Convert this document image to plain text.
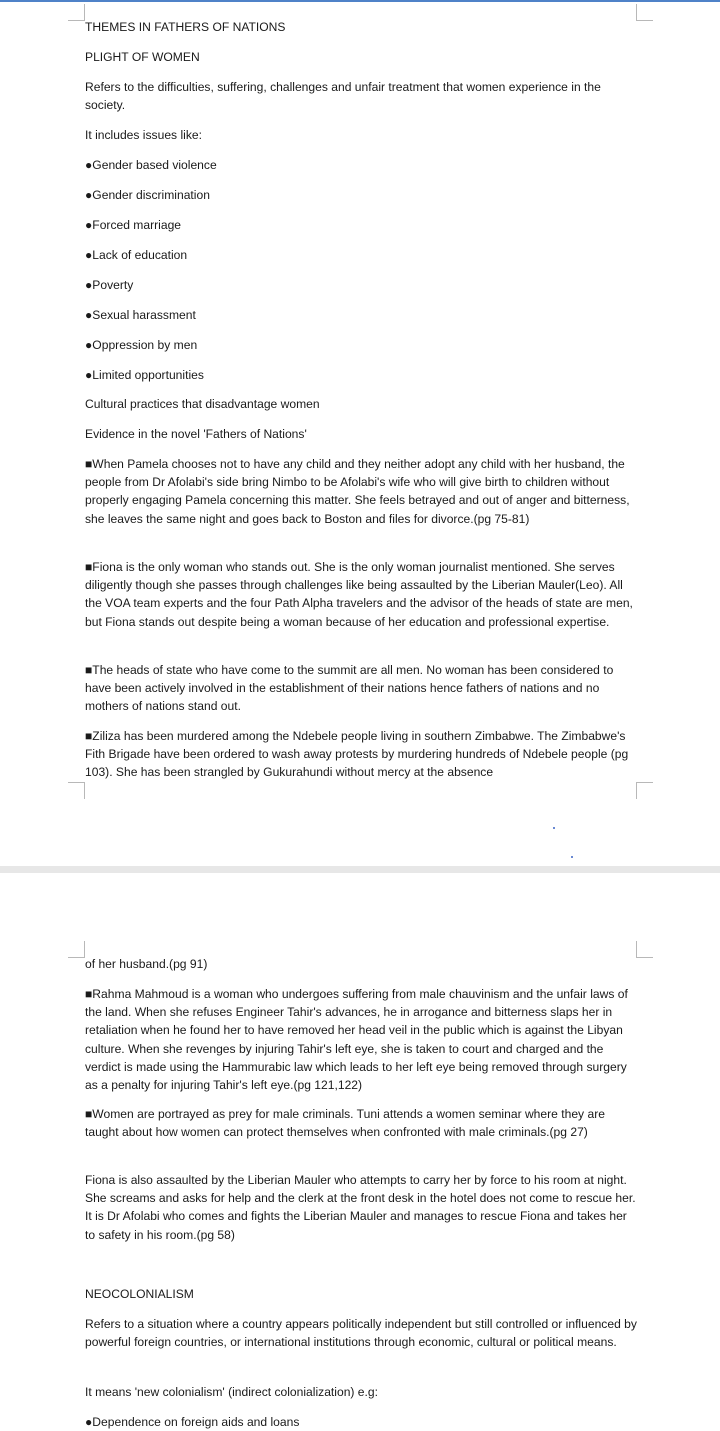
THEMES IN FATHERS OF NATIONS

PLIGHT OF WOMEN

Refers to the difficulties, suffering, challenges and unfair treatment that women experience in the society.

It includes issues like:

●Gender based violence

●Gender discrimination

●Forced marriage

●Lack of education

●Poverty

●Sexual harassment

●Oppression by men

●Limited opportunities

Cultural practices that disadvantage women

Evidence in the novel 'Fathers of Nations'

■When Pamela chooses not to have any child and they neither adopt any child with her husband, the people from Dr Afolabi's side bring Nimbo to be Afolabi's wife who will give birth to children without properly engaging Pamela concerning this matter. She feels betrayed and out of anger and bitterness, she leaves the same night and goes back to Boston and files for divorce.(pg 75-81)

■Fiona is the only woman who stands out. She is the only woman journalist mentioned. She serves diligently though she passes through challenges like being assaulted by the Liberian Mauler(Leo). All the VOA team experts and the four Path Alpha travelers and the advisor of the heads of state are men, but Fiona stands out despite being a woman because of her education and professional expertise.

■The heads of state who have come to the summit are all men. No woman has been considered to have been actively involved in the establishment of their nations hence fathers of nations and no mothers of nations stand out.

■Ziliza has been murdered among the Ndebele people living in southern Zimbabwe. The Zimbabwe's Fith Brigade have been ordered to wash away protests by murdering hundreds of Ndebele people (pg 103). She has been strangled by Gukurahundi without mercy at the absence

of her husband.(pg 91)

■Rahma Mahmoud is a woman who undergoes suffering from male chauvinism and the unfair laws of the land. When she refuses Engineer Tahir's advances, he in arrogance and bitterness slaps her in retaliation when he found her to have removed her head veil in the public which is against the Libyan culture. When she revenges by injuring Tahir's left eye, she is taken to court and charged and the verdict is made using the Hammurabic law which leads to her left eye being removed through surgery as a penalty for injuring Tahir's left eye.(pg 121,122)

■Women are portrayed as prey for male criminals. Tuni attends a women seminar where they are taught about how women can protect themselves when confronted with male criminals.(pg 27)

Fiona is also assaulted by the Liberian Mauler who attempts to carry her by force to his room at night. She screams and asks for help and the clerk at the front desk in the hotel does not come to rescue her. It is Dr Afolabi who comes and fights the Liberian Mauler and manages to rescue Fiona and takes her to safety in his room.(pg 58)

NEOCOLONIALISM

Refers to a situation where a country appears politically independent but still controlled or influenced by powerful foreign countries, or international institutions through economic, cultural or political means.

It means 'new colonialism' (indirect colonialization) e.g:

●Dependence on foreign aids and loans
